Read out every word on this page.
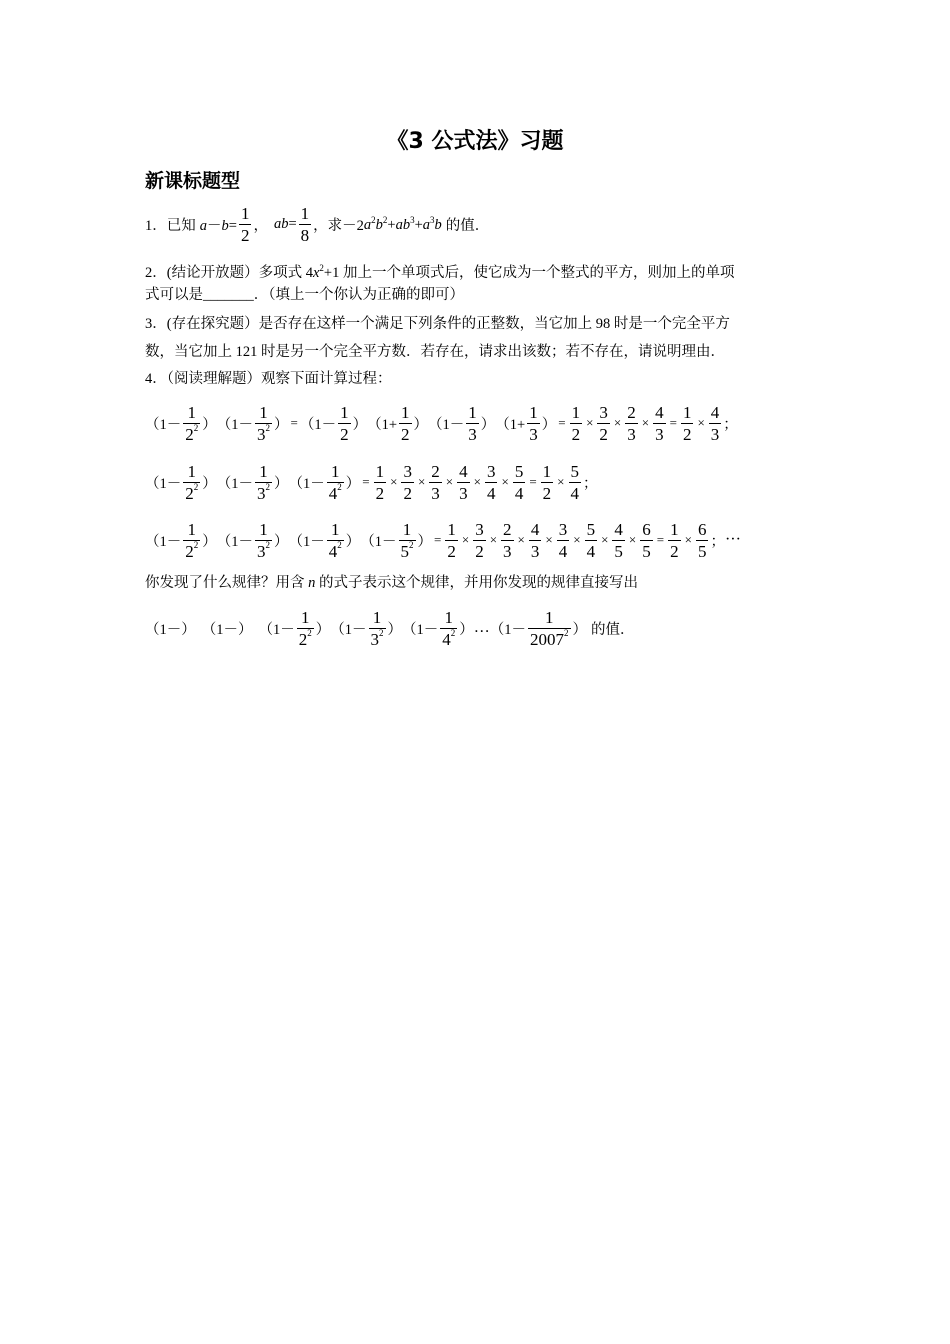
《3 公式法》习题
新课标题型
1．已知 $a-b= \frac{1}{2}$ ， ab = $\frac{1}{8}$ ，求－2 $a^2b^2+ab^3+a^3b$ 的值．
2．(结论开放题）多项式 $4x^2+1$ 加上一个单项式后，使它成为一个整式的平方，则加上的单项
式可以是_______．（填上一个你认为正确的即可）
3．(存在探究题）是否存在这样一个满足下列条件的正整数，当它加上 98 时是一个完全平方
数，当它加上 121 时是另一个完全平方数．若存在，请求出该数；若不存在，请说明理由．
4．（阅读理解题）观察下面计算过程：
（$1- \frac{1}{2^2}$ ） （$1- \frac{1}{3^2}$ ） = （$1- \frac{1}{2}$ ） （$1+ \frac{1}{2}$ ） （$1- \frac{1}{3}$ ） （$1+ \frac{1}{3}$ ） = $\frac{1}{2} \times \frac{3}{2} \times \frac{2}{3} \times \frac{4}{3} = \frac{1}{2} \times \frac{4}{3}$ ；
（$1- \frac{1}{2^2}$ ） （$1- \frac{1}{3^2}$ ） （$1- \frac{1}{4^2}$ ） = $\frac{1}{2} \times \frac{3}{2} \times \frac{2}{3} \times \frac{4}{3} \times \frac{3}{4} \times \frac{5}{4} = \frac{1}{2} \times \frac{5}{4}$ ；
（$1- \frac{1}{2^2}$ ） （$1- \frac{1}{3^2}$ ） （$1- \frac{1}{4^2}$ ） （$1- \frac{1}{5^2}$ ） = $\frac{1}{2} \times \frac{3}{2} \times \frac{2}{3} \times \frac{4}{3} \times \frac{3}{4} \times \frac{5}{4} \times \frac{4}{5} \times \frac{6}{5} = \frac{1}{2} \times \frac{6}{5}$ ； ···
你发现了什么规律？用含 n 的式子表示这个规律，并用你发现的规律直接写出
（1－） （1－） （$1- \frac{1}{2^2}$ ） （$1- \frac{1}{3^2}$ ） （$1- \frac{1}{4^2}$ ） … （$1- \frac{1}{2007^2}$ ） 的值．
